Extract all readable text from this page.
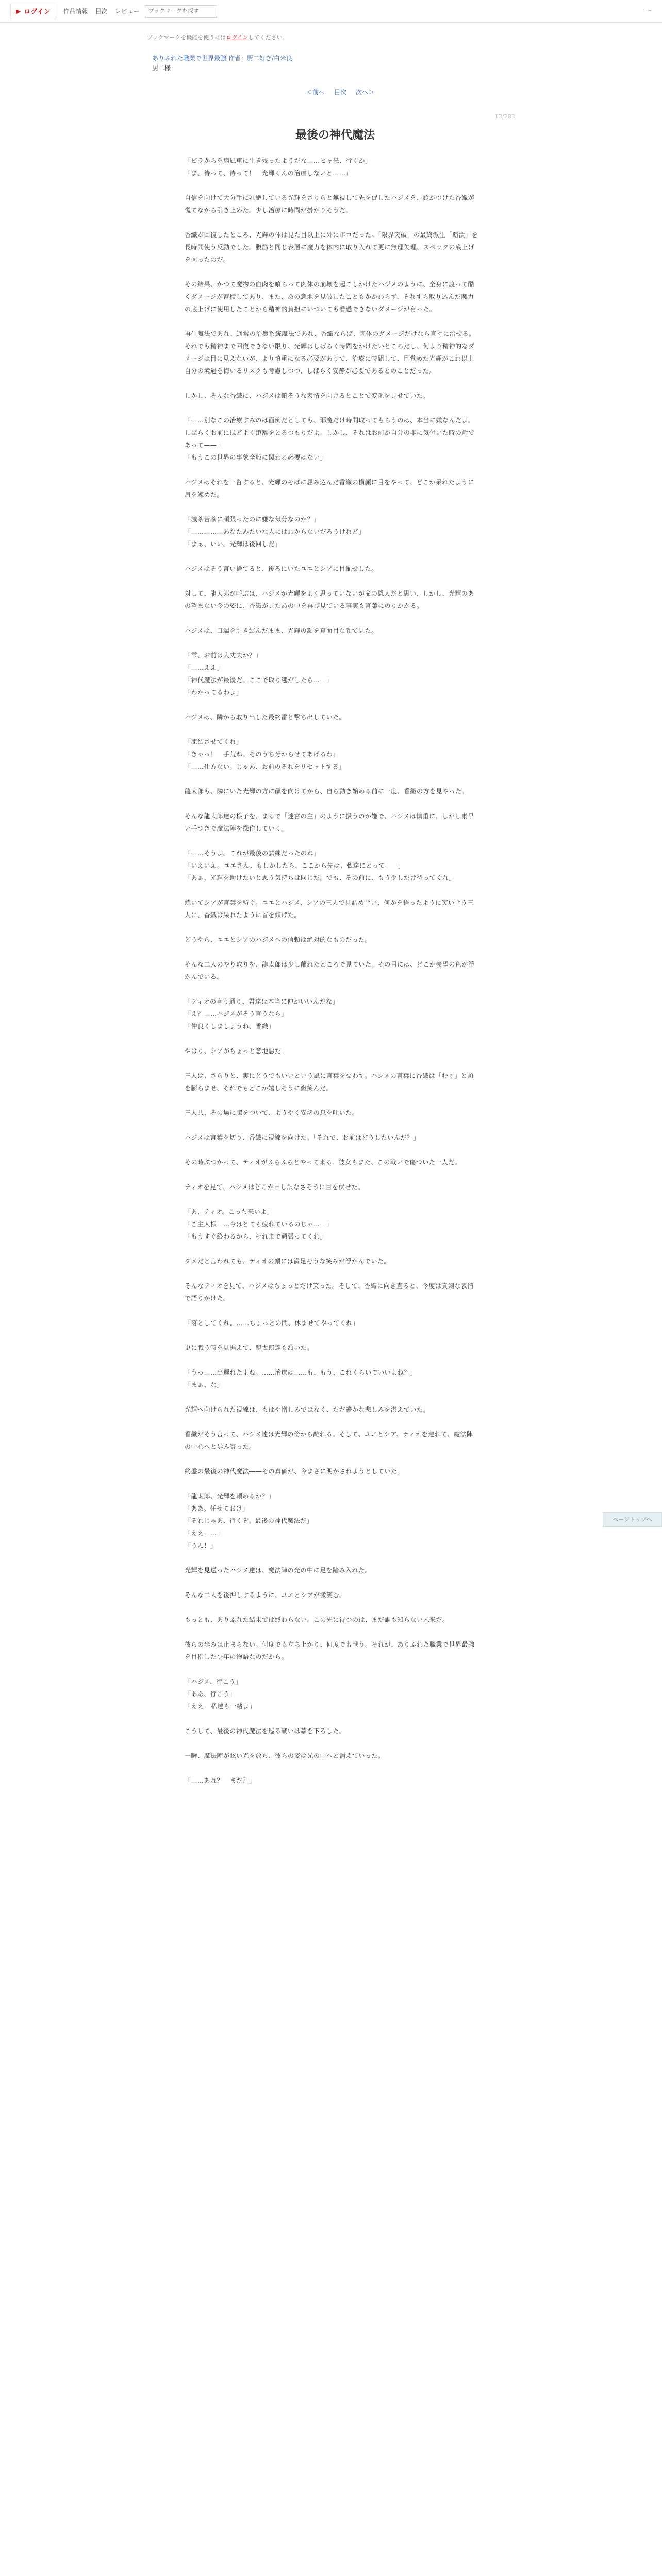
▶ ログイン 作品情報 目次 レビュー
ブックマークを探す	ー
ブックマークを機能を使うにはログインしてください。
ありふれた職業で世界最強 作者：厨二好き/白米良
厨二様
＜前へ 目次 次へ＞
13/283
最後の神代魔法

「ビラからを扇風車に生き残ったようだな……ヒャ来、行くか」
「ま、待って、待って！　光輝くんの治療しないと……」

自信を向けて大分手に乳絶している光輝をさりらと無視して先を促したハジメを、鈴がつけた香織が慌てながら引き止めた。少し治療に時間が掛かりそうだ。

香織が回復したところ、光輝の体は見た目以上に外にボロだった。「限界突破」の最終派生「覇潰」を長時間使う反動でした。腹筋と同じ表層に魔力を体内に取り入れて更に無理矢理、スペックの底上げを図ったのだ。

その結果、かつて魔物の血肉を喰らって肉体の崩壊を起こしかけたハジメのように、全身に渡って酷くダメージが蓄積してあり、また、あの意地を見破したこともかかわらず、それすら取り込んだ魔力の底上げに使用したことから精神的負担にいついても看過できないダメージが有った。

再生魔法であれ、通常の治癒系統魔法であれ、香織ならば、肉体のダメージだけなら直ぐに治せる。それでも精神まで回復できない限り、光輝はしばらく時間をかけたいところだし、何より精神的なダメージは目に見えないが、より慎重になる必要がありで、治療に時間して、目覚めた光輝がこれ以上自分の境遇を悔いるリスクも考慮しつつ、しばらく安静が必要であるとのことだった。

しかし、そんな香織に、ハジメは鎮そうな表情を向けるとことで変化を見せていた。

「……別なこの治療すみのは面倒だとしても、邪魔だけ時間取ってもらうのは、本当に嫌なんだよ。しばらくお前にほどよく距離をとるつもりだよ。しかし、それはお前が自分の非に気付いた時の話であって——」
「もうこの世界の事象全般に関わる必要はない」

ハジメはそれを一瞥すると、光輝のそばに屈み込んだ香織の横顔に目をやって、どこか呆れたように肩を竦めた。

「滅茶苦茶に頑張ったのに嫌な気分なのか？」
「……………あなたみたいな人にはわからないだろうけれど」
「まぁ、いい。光輝は後回しだ」

ハジメはそう言い捨てると、後ろにいたユエとシアに目配せした。

対して、龍太郎が呼ぶは、ハジメが光輝をよく思っていないが命の恩人だと思い、しかし、光輝のあの望まない今の姿に、香織が見たあの中を再び見ている事実も言葉にのりかかる。

ハジメは、口端を引き結んだまま、光輝の額を真面目な顔で見た。

「雫、お前は大丈夫か？」
「……ええ」
「神代魔法が最後だ。ここで取り逃がしたら……」
「わかってるわよ」

ハジメは、隣から取り出した最終雷と撃ち出していた。

「凍結させてくれ」
「きゃっ！　手荒ね。そのうち分からせてあげるわ」
「……仕方ない。じゃあ、お前のそれをリセットする」

龍太郎も、隣にいた光輝の方に顔を向けてから、自ら動き始める前に一度、香織の方を見やった。

そんな龍太郎達の様子を、まるで「迷宮の主」のように扱うのが嫌で、ハジメは慎重に、しかし素早い手つきで魔法陣を操作していく。

「……そうよ。これが最後の試練だったのね」
「いえいえ。ユエさん、もしかしたら、ここから先は、私達にとって――」
「あぁ、光輝を助けたいと思う気持ちは同じだ。でも、その前に、もう少しだけ待ってくれ」

続いてシアが言葉を紡ぐ。ユエとハジメ、シアの三人で見詰め合い、何かを悟ったように笑い合う三人に、香織は呆れたように首を傾げた。

どうやら、ユエとシアのハジメへの信頼は絶対的なものだった。

そんな二人のやり取りを、龍太郎は少し離れたところで見ていた。その目には、どこか羨望の色が浮かんでいる。

「ティオの言う通り、君達は本当に仲がいいんだな」
「え？……ハジメがそう言うなら」
「仲良くしましょうね、香織」

やはり、シアがちょっと意地悪だ。

三人は、さらりと、実にどうでもいいという風に言葉を交わす。ハジメの言葉に香織は「むぅ」と頬を膨らませ、それでもどこか嬉しそうに微笑んだ。

三人共、その場に膝をついて、ようやく安堵の息を吐いた。

ハジメは言葉を切り、香織に視線を向けた。「それで、お前はどうしたいんだ？」

その時ぶつかって、ティオがふらふらとやって来る。彼女もまた、この戦いで傷ついた一人だ。

ティオを見て、ハジメはどこか申し訳なさそうに目を伏せた。

「あ、ティオ。こっち来いよ」
「ご主人様……今はとても疲れているのじゃ……」
「もうすぐ終わるから、それまで頑張ってくれ」

ダメだと言われても、ティオの顔には満足そうな笑みが浮かんでいた。

そんなティオを見て、ハジメはちょっとだけ笑った。そして、香織に向き直ると、今度は真剣な表情で語りかけた。

「落としてくれ。……ちょっとの間、休ませてやってくれ」

更に戦う時を見据えて、龍太郎達も頷いた。

「うっ……出遅れたよね。……治療は……も、もう、これくらいでいいよね？」
「まぁ、な」

光輝へ向けられた視線は、もはや憎しみではなく、ただ静かな悲しみを湛えていた。

香織がそう言って、ハジメ達は光輝の傍から離れる。そして、ユエとシア、ティオを連れて、魔法陣の中心へと歩み寄った。

終盤の最後の神代魔法――その真価が、今まさに明かされようとしていた。

「龍太郎、光輝を頼めるか？」
「ああ。任せておけ」
「それじゃあ、行くぞ。最後の神代魔法だ」
「ええ……」
「うん！」

光輝を見送ったハジメ達は、魔法陣の光の中に足を踏み入れた。

そんな二人を後押しするように、ユエとシアが微笑む。

もっとも、ありふれた結末では終わらない。この先に待つのは、まだ誰も知らない未来だ。

彼らの歩みは止まらない。何度でも立ち上がり、何度でも戦う。それが、ありふれた職業で世界最強を目指した少年の物語なのだから。

「ハジメ、行こう」
「ああ、行こう」
「ええ。私達も一緒よ」

こうして、最後の神代魔法を巡る戦いは幕を下ろした。

一瞬、魔法陣が眩い光を放ち、彼らの姿は光の中へと消えていった。

「……あれ？　まだ？」

ページトップへ
